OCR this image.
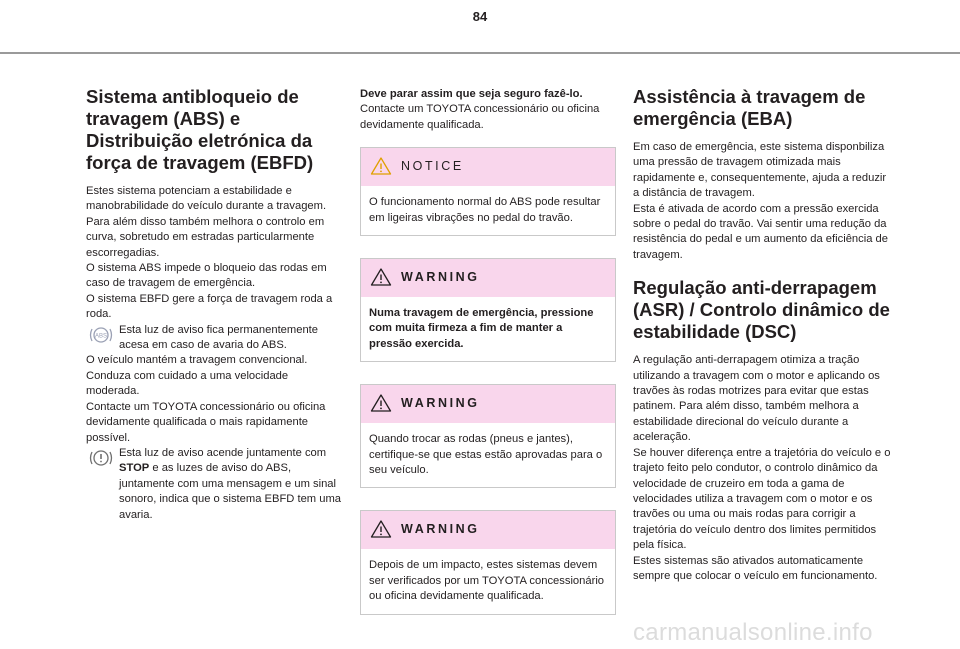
84
Sistema antibloqueio de travagem (ABS) e Distribuição eletrónica da força de travagem (EBFD)

Estes sistema potenciam a estabilidade e manobrabilidade do veículo durante a travagem. Para além disso também melhora o controlo em curva, sobretudo em estradas particularmente escorregadias.

O sistema ABS impede o bloqueio das rodas em caso de travagem de emergência.

O sistema EBFD gere a força de travagem roda a roda.

ABS
Esta luz de aviso fica permanentemente acesa em caso de avaria do ABS.

O veículo mantém a travagem convencional. Conduza com cuidado a uma velocidade moderada.

Contacte um TOYOTA concessionário ou oficina devidamente qualificada o mais rapidamente possível.

Esta luz de aviso acende juntamente com STOP e as luzes de aviso do ABS, juntamente com uma mensagem e um sinal sonoro, indica que o sistema EBFD tem uma avaria.

Deve parar assim que seja seguro fazê-lo.

Contacte um TOYOTA concessionário ou oficina devidamente qualificada.

NOTICE
O funcionamento normal do ABS pode resultar em ligeiras vibrações no pedal do travão.
WARNING
Numa travagem de emergência, pressione com muita firmeza a fim de manter a pressão exercida.
WARNING
Quando trocar as rodas (pneus e jantes), certifique-se que estas estão aprovadas para o seu veículo.
WARNING
Depois de um impacto, estes sistemas devem ser verificados por um TOYOTA concessionário ou oficina devidamente qualificada.
Assistência à travagem de emergência (EBA)

Em caso de emergência, este sistema disponbiliza uma pressão de travagem otimizada mais rapidamente e, consequentemente, ajuda a reduzir a distância de travagem.

Esta é ativada de acordo com a pressão exercida sobre o pedal do travão. Vai sentir uma redução da resistência do pedal e um aumento da eficiência de travagem.

Regulação anti-derrapagem (ASR) / Controlo dinâmico de estabilidade (DSC)

A regulação anti-derrapagem otimiza a tração utilizando a travagem com o motor e aplicando os travões às rodas motrizes para evitar que estas patinem. Para além disso, também melhora a estabilidade direcional do veículo durante a aceleração.

Se houver diferença entre a trajetória do veículo e o trajeto feito pelo condutor, o controlo dinâmico da velocidade de cruzeiro em toda a gama de velocidades utiliza a travagem com o motor e os travões ou uma ou mais rodas para corrigir a trajetória do veículo dentro dos limites permitidos pela física.

Estes sistemas são ativados automaticamente sempre que colocar o veículo em funcionamento.

carmanualsonline.info
